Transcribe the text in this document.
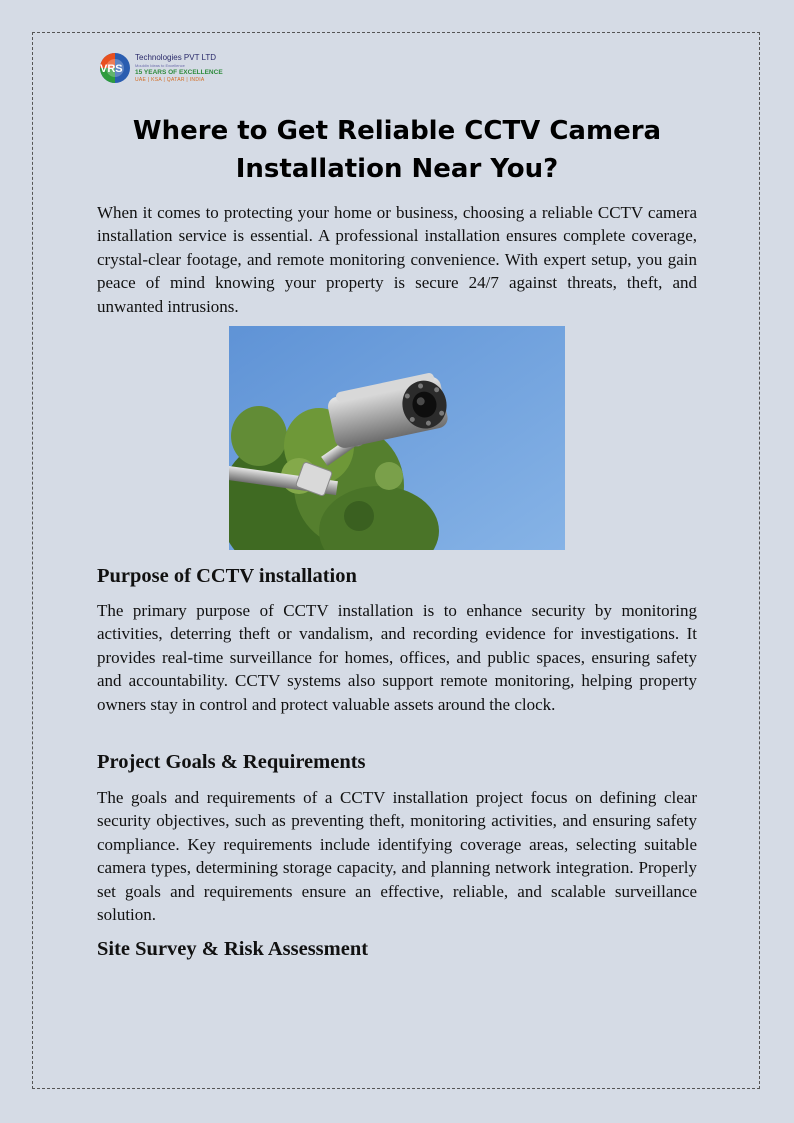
VRS
Technologies PVT LTD
Mouldin Ideas to Excellence
15 YEARS OF EXCELLENCE
UAE | KSA | QATAR | INDIA
Where to Get Reliable CCTV Camera Installation Near You?

When it comes to protecting your home or business, choosing a reliable CCTV camera installation service is essential. A professional installation ensures complete coverage, crystal-clear footage, and remote monitoring convenience. With expert setup, you gain peace of mind knowing your property is secure 24/7 against threats, theft, and unwanted intrusions.

Purpose of CCTV installation

The primary purpose of CCTV installation is to enhance security by monitoring activities, deterring theft or vandalism, and recording evidence for investigations. It provides real-time surveillance for homes, offices, and public spaces, ensuring safety and accountability. CCTV systems also support remote monitoring, helping property owners stay in control and protect valuable assets around the clock.

Project Goals & Requirements

The goals and requirements of a CCTV installation project focus on defining clear security objectives, such as preventing theft, monitoring activities, and ensuring safety compliance. Key requirements include identifying coverage areas, selecting suitable camera types, determining storage capacity, and planning network integration. Properly set goals and requirements ensure an effective, reliable, and scalable surveillance solution.

Site Survey & Risk Assessment
